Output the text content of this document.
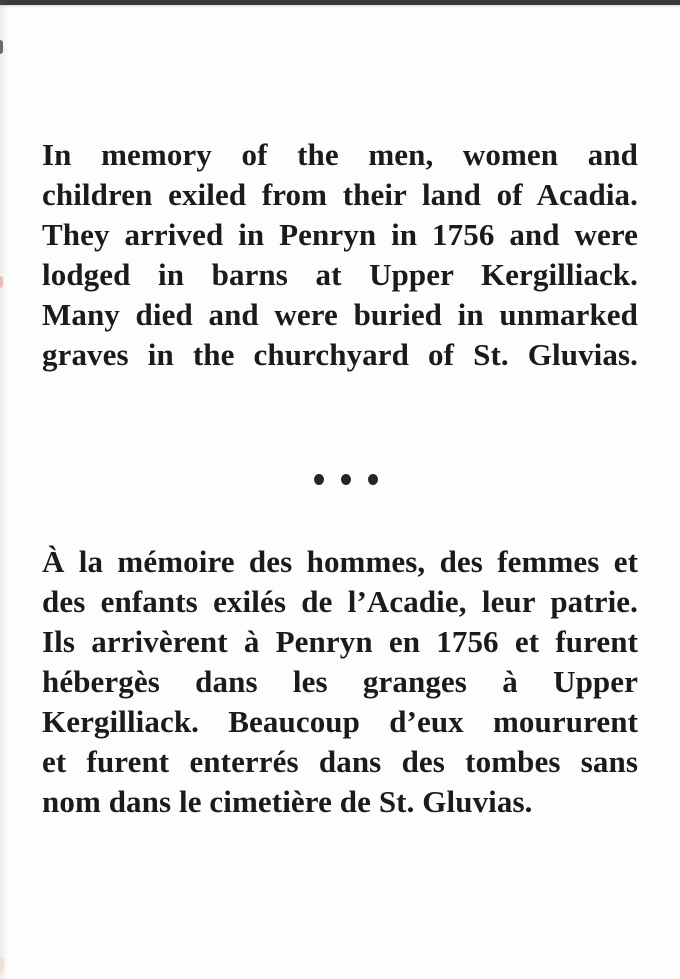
In memory of the men, women and
children exiled from their land of Acadia.
They arrived in Penryn in 1756 and were
lodged in barns at Upper Kergilliack.
Many died and were buried in unmarked
graves in the churchyard of St. Gluvias.
À la mémoire des hommes, des femmes et
des enfants exilés de l’Acadie, leur patrie.
Ils arrivèrent à Penryn en 1756 et furent
hébergès dans les granges à Upper
Kergilliack. Beaucoup d’eux moururent
et furent enterrés dans des tombes sans
nom dans le cimetière de St. Gluvias.
